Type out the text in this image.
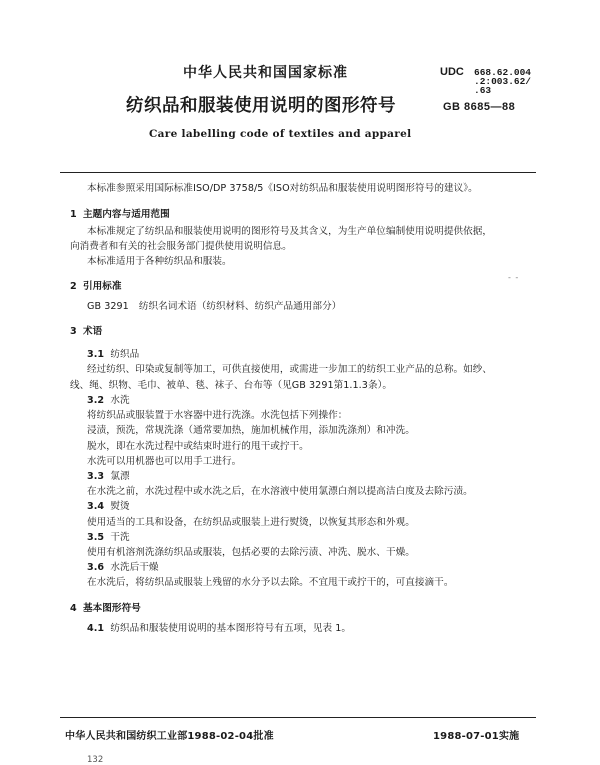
中华人民共和国国家标准
纺织品和服装使用说明的图形符号
Care labelling code of textiles and apparel
UDC 668.62.004
.2:003.62/
.63
GB 8685—88
本标准参照采用国际标准ISO/DP 3758/5《ISO对纺织品和服装使用说明图形符号的建议》。
1 主题内容与适用范围
本标准规定了纺织品和服装使用说明的图形符号及其含义，为生产单位编制使用说明提供依据，
向消费者和有关的社会服务部门提供使用说明信息。
本标准适用于各种纺织品和服装。
- -
2 引用标准
GB 3291 纺织名词术语（纺织材料、纺织产品通用部分）
3 术语
3.1 纺织品
经过纺织、印染或复制等加工，可供直接使用，或需进一步加工的纺织工业产品的总称。如纱、
线、绳、织物、毛巾、被单、毯、袜子、台布等（见GB 3291第1.1.3条）。
3.2 水洗
将纺织品或服装置于水容器中进行洗涤。水洗包括下列操作：
浸渍，预洗，常规洗涤（通常要加热，施加机械作用，添加洗涤剂）和冲洗。
脱水，即在水洗过程中或结束时进行的甩干或拧干。
水洗可以用机器也可以用手工进行。
3.3 氯漂
在水洗之前，水洗过程中或水洗之后，在水溶液中使用氯漂白剂以提高洁白度及去除污渍。
3.4 熨烫
使用适当的工具和设备，在纺织品或服装上进行熨烫，以恢复其形态和外观。
3.5 干洗
使用有机溶剂洗涤纺织品或服装，包括必要的去除污渍、冲洗、脱水、干燥。
3.6 水洗后干燥
在水洗后，将纺织品或服装上残留的水分予以去除。不宜甩干或拧干的，可直接滴干。
4 基本图形符号
4.1 纺织品和服装使用说明的基本图形符号有五项，见表 1。
中华人民共和国纺织工业部1988-02-04批准	1988-07-01实施
132
